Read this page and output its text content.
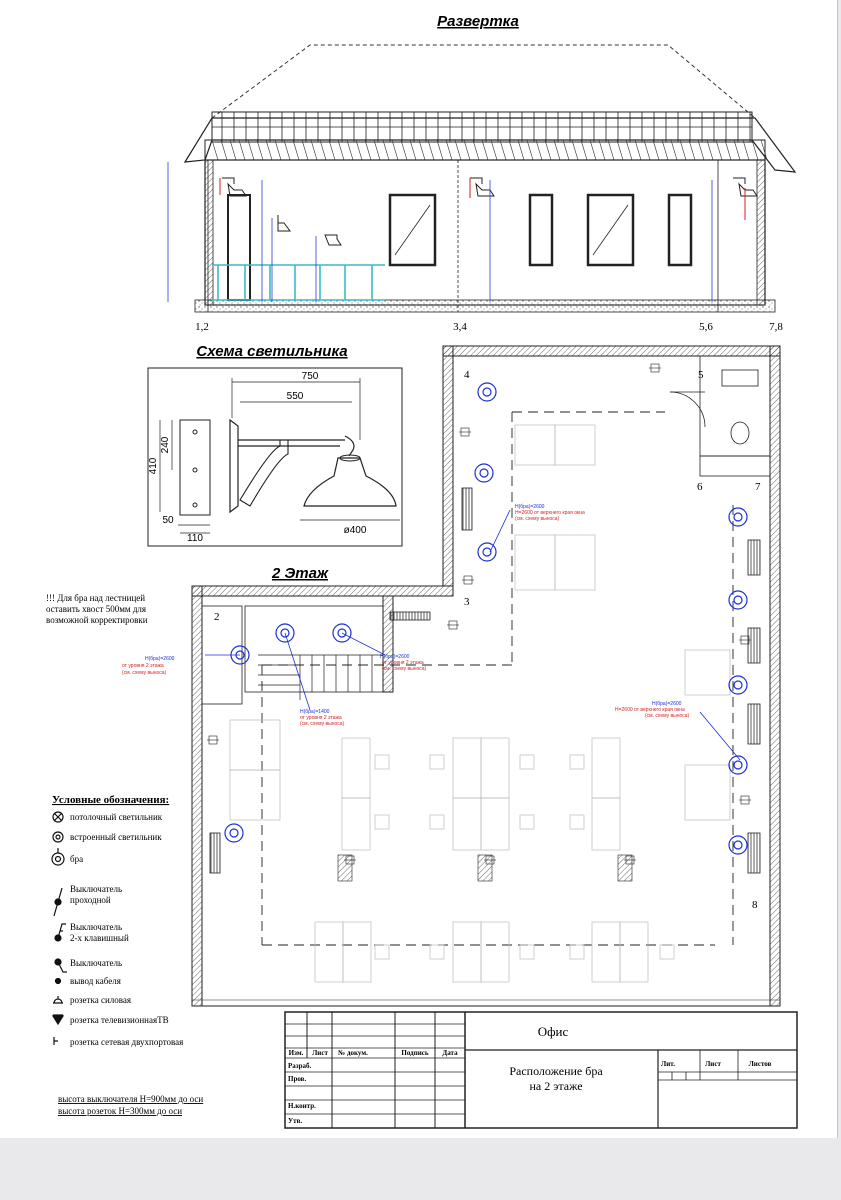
Развертка
1,2	3,4	5,6	7,8
Схема светильника
750
550
410
240
50
110
ø400
2 Этаж
Н(бра)=2600
Н=2600 от верхнего края окна
(см. схему выноса)
Н(бра)=2600
от уровня 2 этажа
(см. схему выноса)
Н(бра)=2600
от уровня 2 этажа
(см. схему выноса)
Н(бра)=1400
от уровня 2 этажа
(см. схему выноса)
Н(бра)=2600
Н=2600 от верхнего края окна
(см. схему выноса)
4
3
2
5
6	7
8
!!! Для бра над лестницей оставить хвост 500мм для возможной корректировки
Условные обозначения:
потолочный светильник
встроенный светильник
бра
Выключатель проходной
Выключатель 2-х клавишный
Выключатель
вывод кабеля
розетка силовая
розетка телевизионнаяТВ
розетка сетевая двухпортовая
высота выключателя Н=900мм до оси
высота розеток Н=300мм до оси
Изм. Лист № докум.	Подпись Дата
Разраб.
Пров.
Н.контр.
Утв.
Офис
Расположение бра на 2 этаже
Лит.	Лист	Листов
